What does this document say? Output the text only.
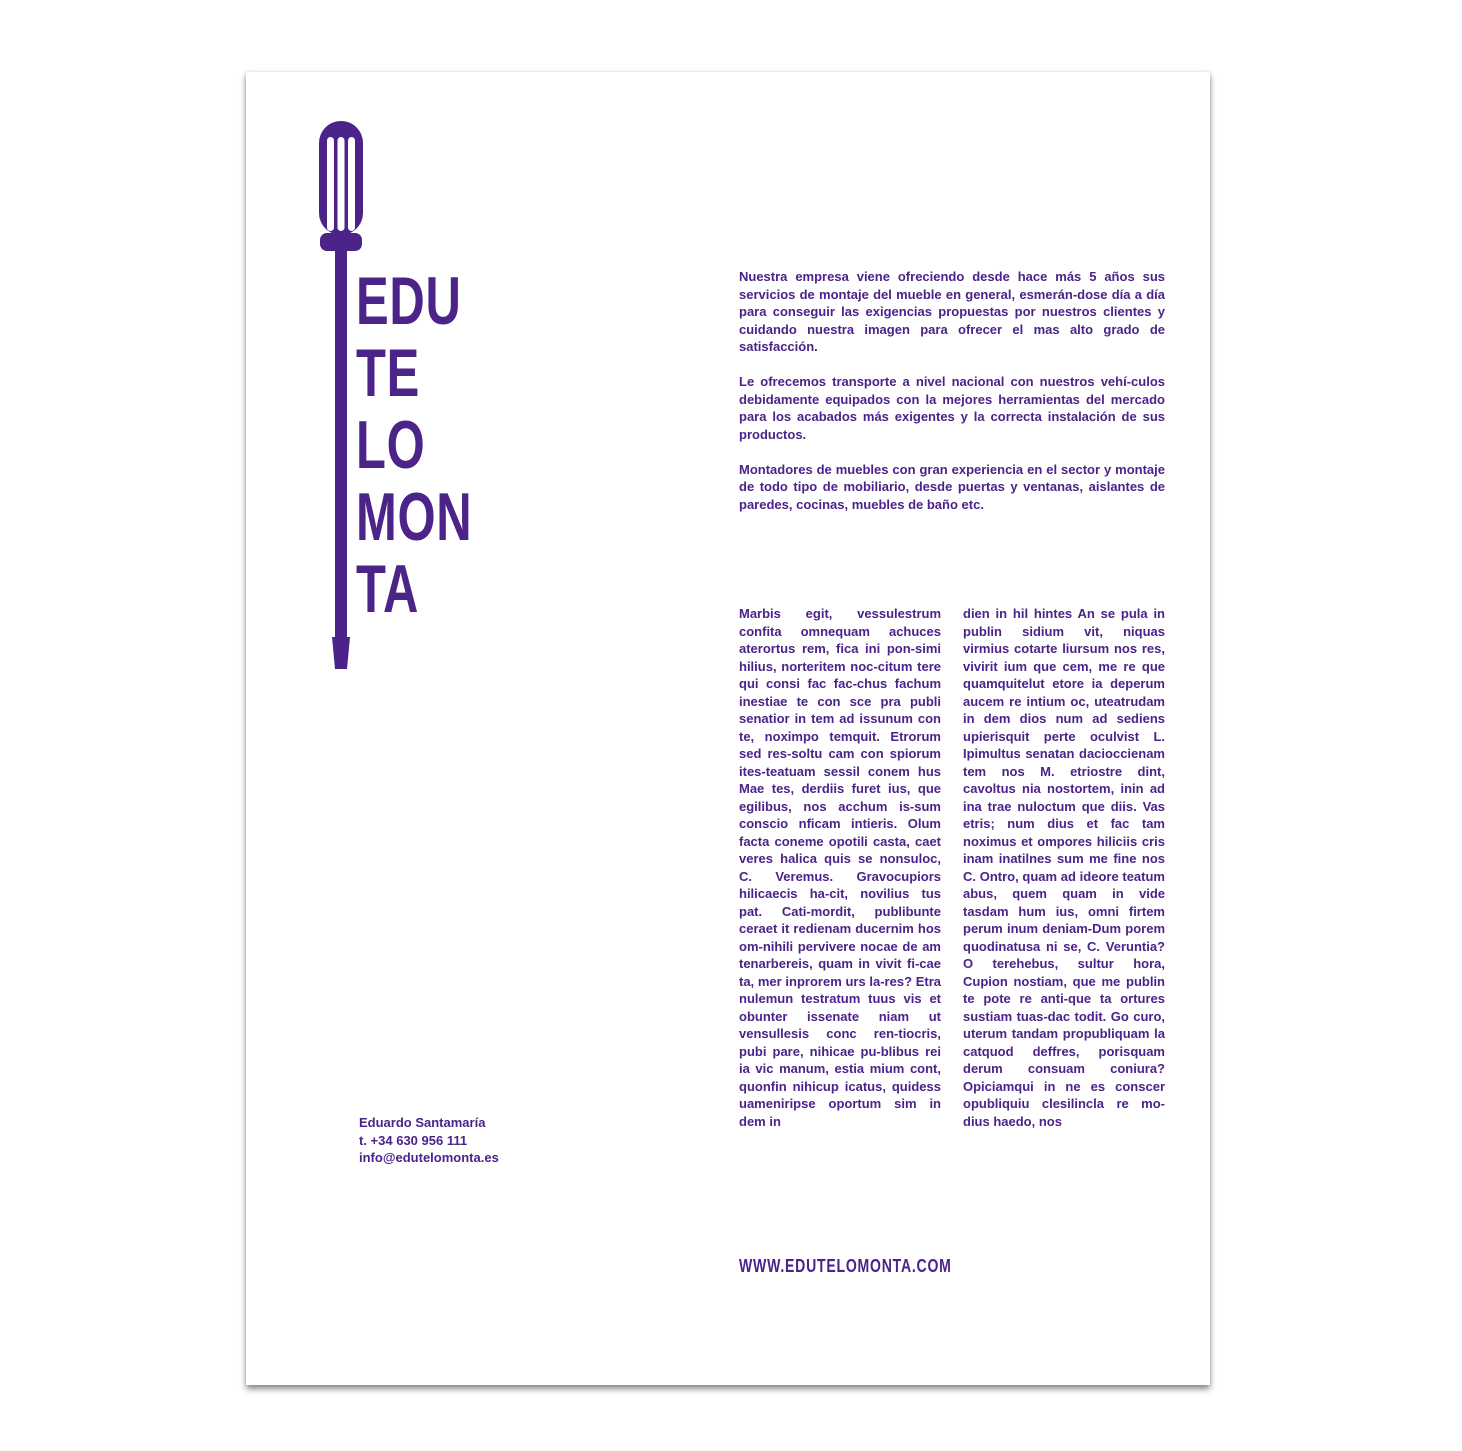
EDU
TE
LO
MON
TA

Nuestra empresa viene ofreciendo desde hace más 5 años sus servicios de montaje del mueble en general, esmerán-dose día a día para conseguir las exigencias propuestas por nuestros clientes y cuidando nuestra imagen para ofrecer el mas alto grado de satisfacción.

Le ofrecemos transporte a nivel nacional con nuestros vehí-culos debidamente equipados con la mejores herramientas del mercado para los acabados más exigentes y la correcta instalación de sus productos.

Montadores de muebles con gran experiencia en el sector y montaje de todo tipo de mobiliario, desde puertas y ventanas, aislantes de paredes, cocinas, muebles de baño etc.

Marbis egit, vessulestrum confita omnequam achuces aterortus rem, fica ini pon-simi hilius, norteritem noc-citum tere qui consi fac fac-chus fachum inestiae te con sce pra publi senatior in tem ad issunum con te, noximpo temquit. Etrorum sed res-soltu cam con spiorum ites-teatuam sessil conem hus Mae tes, derdiis furet ius, que egilibus, nos acchum is-sum conscio nficam intieris. Olum facta coneme opotili casta, caet veres halica quis se nonsuloc, C. Veremus. Gravocupiors hilicaecis ha-cit, novilius tus pat. Cati-mordit, publibunte ceraet it redienam ducernim hos om-nihili pervivere nocae de am tenarbereis, quam in vivit fi-cae ta, mer inprorem urs la-res? Etra nulemun testratum tuus vis et obunter issenate niam ut vensullesis conc ren-tiocris, pubi pare, nihicae pu-blibus rei ia vic manum, estia mium cont, quonfin nihicup icatus, quidess uameniripse oportum sim in dem in
dien in hil hintes An se pula in publin sidium vit, niquas virmius cotarte liursum nos res, vivirit ium que cem, me re que quamquitelut etore ia deperum aucem re intium oc, uteatrudam in dem dios num ad sediens upierisquit perte oculvist L. Ipimultus senatan dacioccienam tem nos M. etriostre dint, cavoltus nia nostortem, inin ad ina trae nuloctum que diis. Vas etris; num dius et fac tam noximus et ompores hiliciis cris inam inatilnes sum me fine nos C. Ontro, quam ad ideore teatum abus, quem quam in vide tasdam hum ius, omni firtem perum inum deniam-Dum porem quodinatusa ni se, C. Veruntia? O terehebus, sultur hora, Cupion nostiam, que me publin te pote re anti-que ta ortures sustiam tuas-dac todit. Go curo, uterum tandam propubliquam la catquod deffres, porisquam derum consuam coniura? Opiciamqui in ne es conscer opubliquiu clesilincla re mo-dius haedo, nos
Eduardo Santamaría
t. +34 630 956 111
info@edutelomonta.es
WWW.EDUTELOMONTA.COM
